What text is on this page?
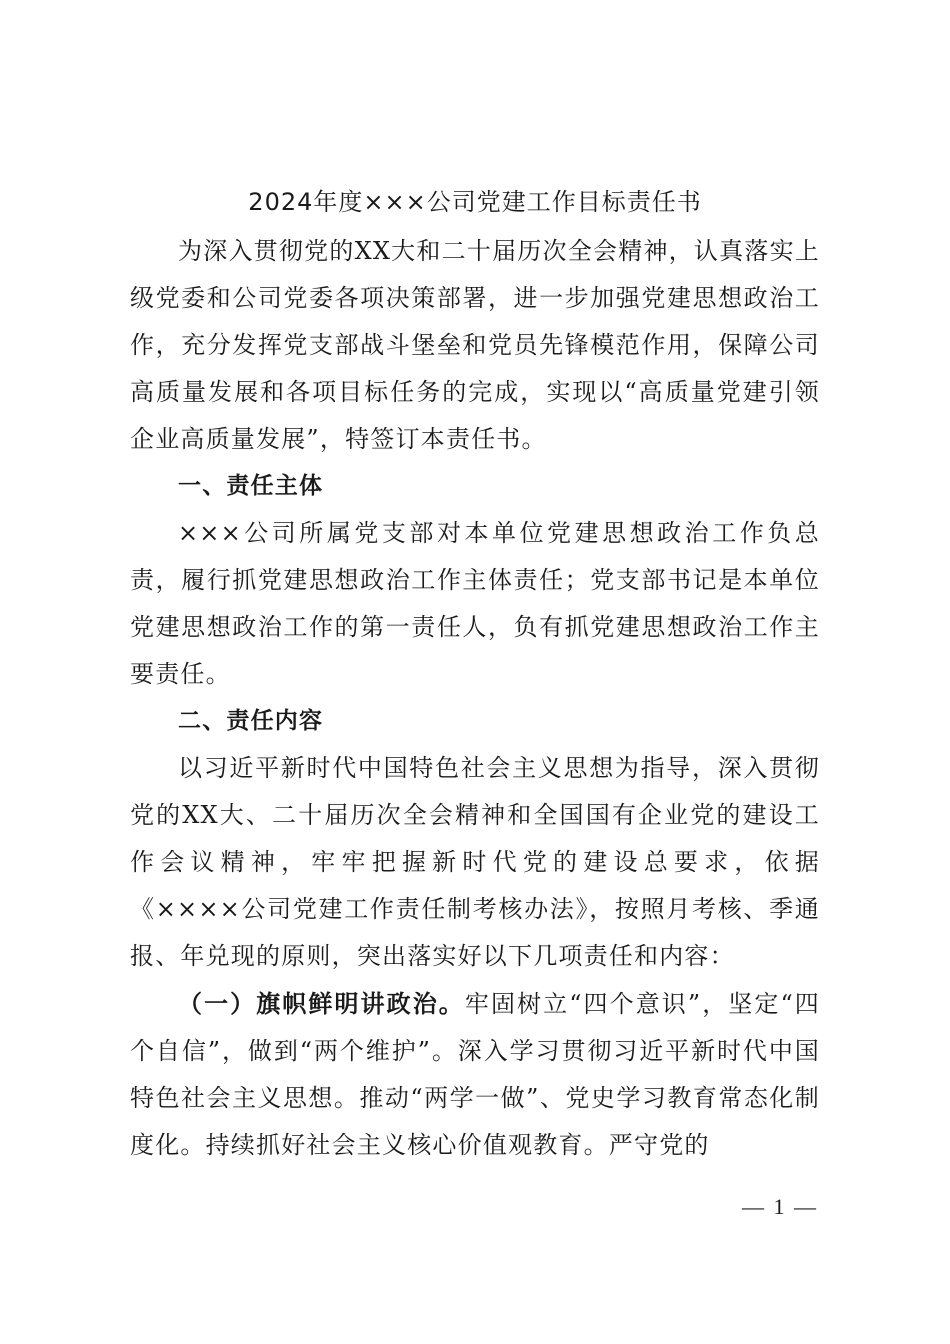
2024年度×××公司党建工作目标责任书

为深入贯彻党的XX大和二十届历次全会精神，认真落实上级党委和公司党委各项决策部署，进一步加强党建思想政治工作，充分发挥党支部战斗堡垒和党员先锋模范作用，保障公司高质量发展和各项目标任务的完成，实现以“高质量党建引领企业高质量发展”，特签订本责任书。

一、责任主体

×××公司所属党支部对本单位党建思想政治工作负总责，履行抓党建思想政治工作主体责任；党支部书记是本单位党建思想政治工作的第一责任人，负有抓党建思想政治工作主要责任。

二、责任内容

以习近平新时代中国特色社会主义思想为指导，深入贯彻党的XX大、二十届历次全会精神和全国国有企业党的建设工作会议精神，牢牢把握新时代党的建设总要求，依据《××××公司党建工作责任制考核办法》，按照月考核、季通报、年兑现的原则，突出落实好以下几项责任和内容：

（一）旗帜鲜明讲政治。牢固树立“四个意识”，坚定“四个自信”，做到“两个维护”。深入学习贯彻习近平新时代中国特色社会主义思想。推动“两学一做”、党史学习教育常态化制度化。持续抓好社会主义核心价值观教育。严守党的

— 1 —
